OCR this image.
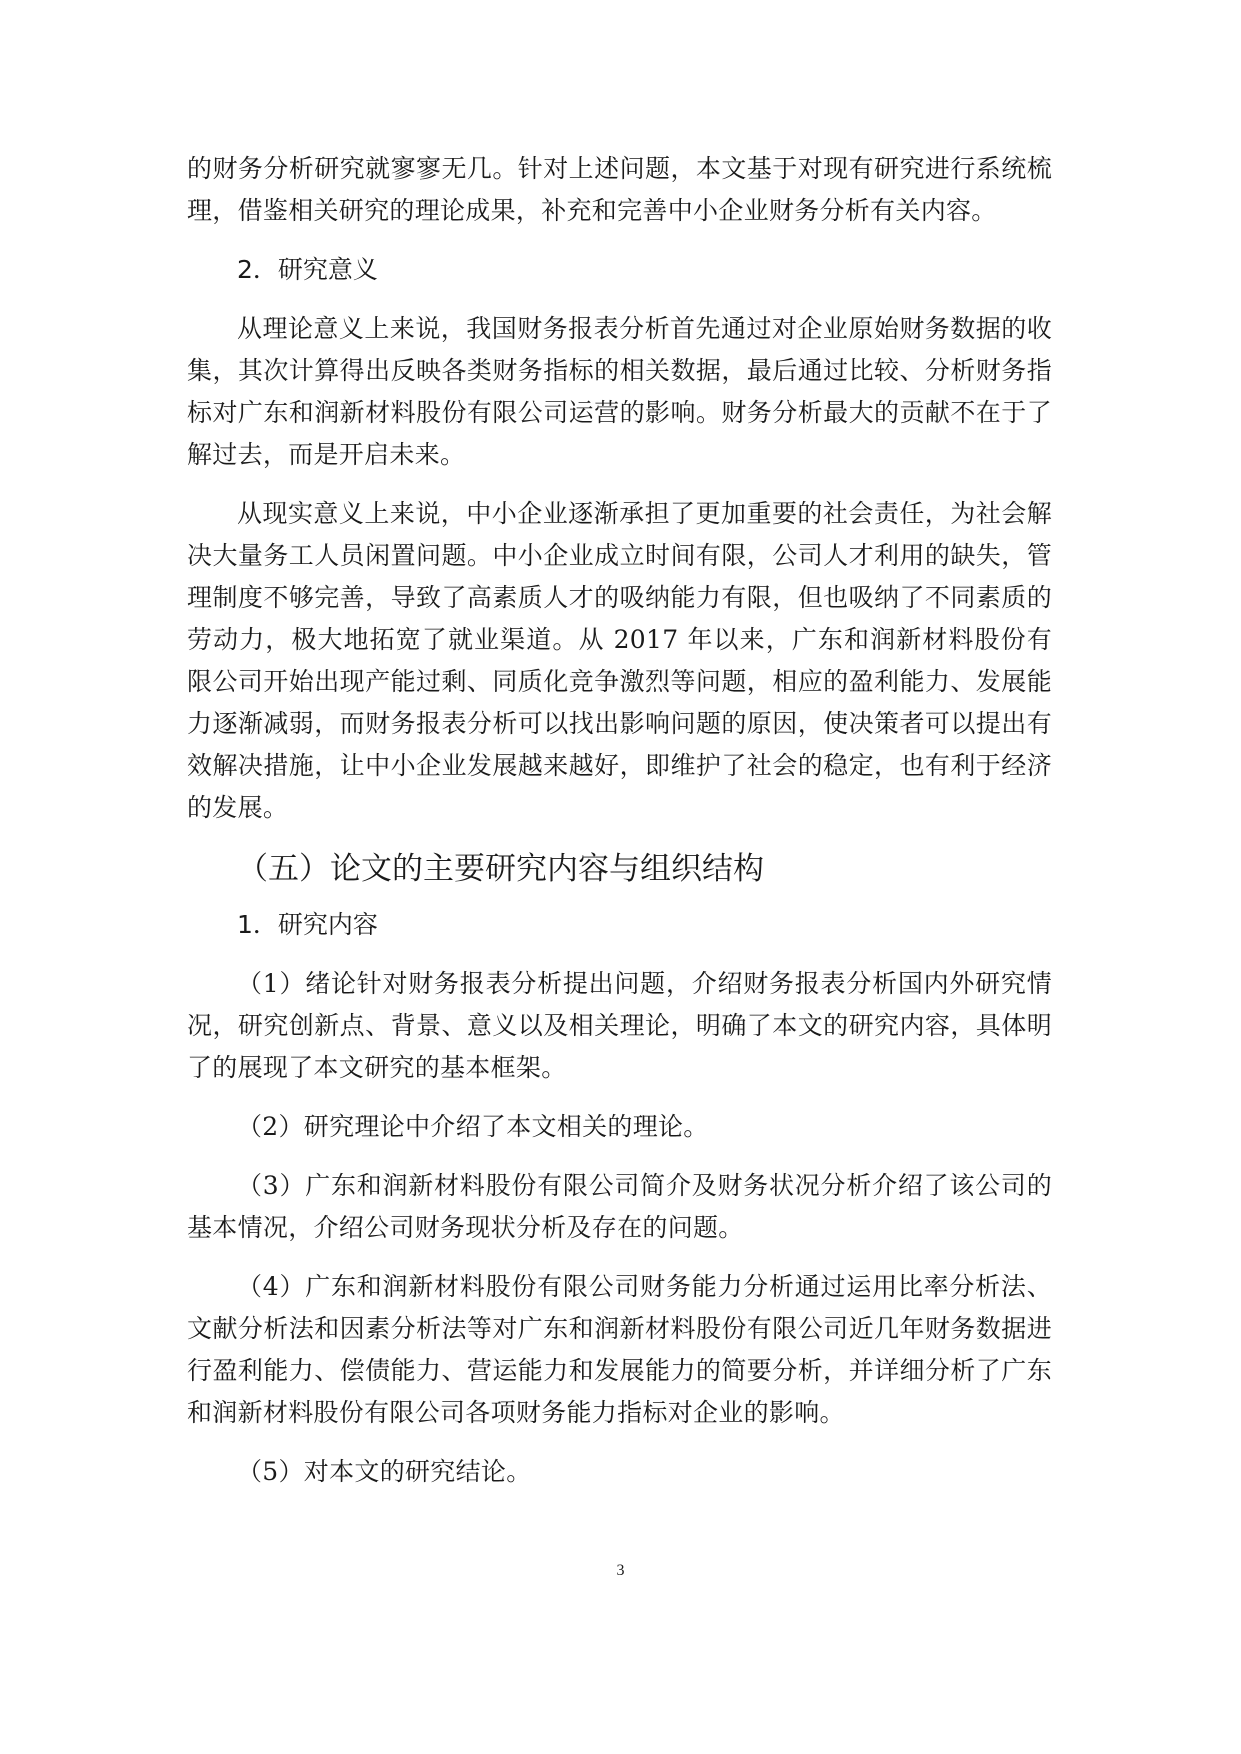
的财务分析研究就寥寥无几。针对上述问题，本文基于对现有研究进行系统梳理，借鉴相关研究的理论成果，补充和完善中小企业财务分析有关内容。

2．研究意义

从理论意义上来说，我国财务报表分析首先通过对企业原始财务数据的收集，其次计算得出反映各类财务指标的相关数据，最后通过比较、分析财务指标对广东和润新材料股份有限公司运营的影响。财务分析最大的贡献不在于了解过去，而是开启未来。

从现实意义上来说，中小企业逐渐承担了更加重要的社会责任，为社会解决大量务工人员闲置问题。中小企业成立时间有限，公司人才利用的缺失，管理制度不够完善，导致了高素质人才的吸纳能力有限，但也吸纳了不同素质的劳动力，极大地拓宽了就业渠道。从 2017 年以来，广东和润新材料股份有限公司开始出现产能过剩、同质化竞争激烈等问题，相应的盈利能力、发展能力逐渐减弱，而财务报表分析可以找出影响问题的原因，使决策者可以提出有效解决措施，让中小企业发展越来越好，即维护了社会的稳定，也有利于经济的发展。

（五）论文的主要研究内容与组织结构
1．研究内容

（1）绪论针对财务报表分析提出问题，介绍财务报表分析国内外研究情况，研究创新点、背景、意义以及相关理论，明确了本文的研究内容，具体明了的展现了本文研究的基本框架。

（2）研究理论中介绍了本文相关的理论。

（3）广东和润新材料股份有限公司简介及财务状况分析介绍了该公司的基本情况，介绍公司财务现状分析及存在的问题。

（4）广东和润新材料股份有限公司财务能力分析通过运用比率分析法、文献分析法和因素分析法等对广东和润新材料股份有限公司近几年财务数据进行盈利能力、偿债能力、营运能力和发展能力的简要分析，并详细分析了广东和润新材料股份有限公司各项财务能力指标对企业的影响。

（5）对本文的研究结论。

3
